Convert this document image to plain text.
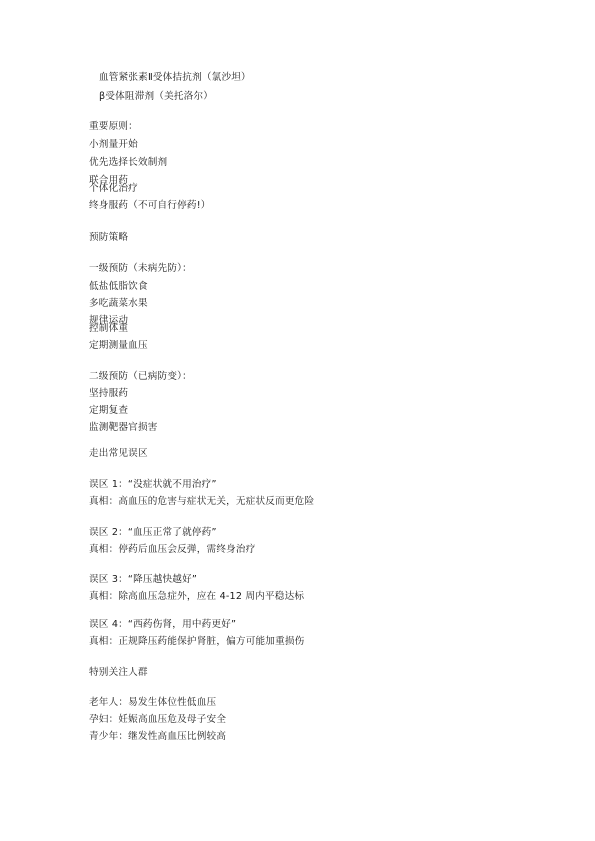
血管紧张素Ⅱ受体拮抗剂（氯沙坦）
β受体阻滞剂（美托洛尔）
重要原则：
小剂量开始
优先选择长效制剂
联合用药
个体化治疗
终身服药（不可自行停药!）
预防策略
一级预防（未病先防）：
低盐低脂饮食
多吃蔬菜水果
规律运动
控制体重
定期测量血压
二级预防（已病防变）：
坚持服药
定期复查
监测靶器官损害
走出常见误区
误区 1：“没症状就不用治疗”
真相：高血压的危害与症状无关，无症状反而更危险
误区 2：“血压正常了就停药”
真相：停药后血压会反弹，需终身治疗
误区 3：“降压越快越好”
真相：除高血压急症外，应在 4-12 周内平稳达标
误区 4：“西药伤肾，用中药更好”
真相：正规降压药能保护肾脏，偏方可能加重损伤
特别关注人群
老年人：易发生体位性低血压
孕妇：妊娠高血压危及母子安全
青少年：继发性高血压比例较高
